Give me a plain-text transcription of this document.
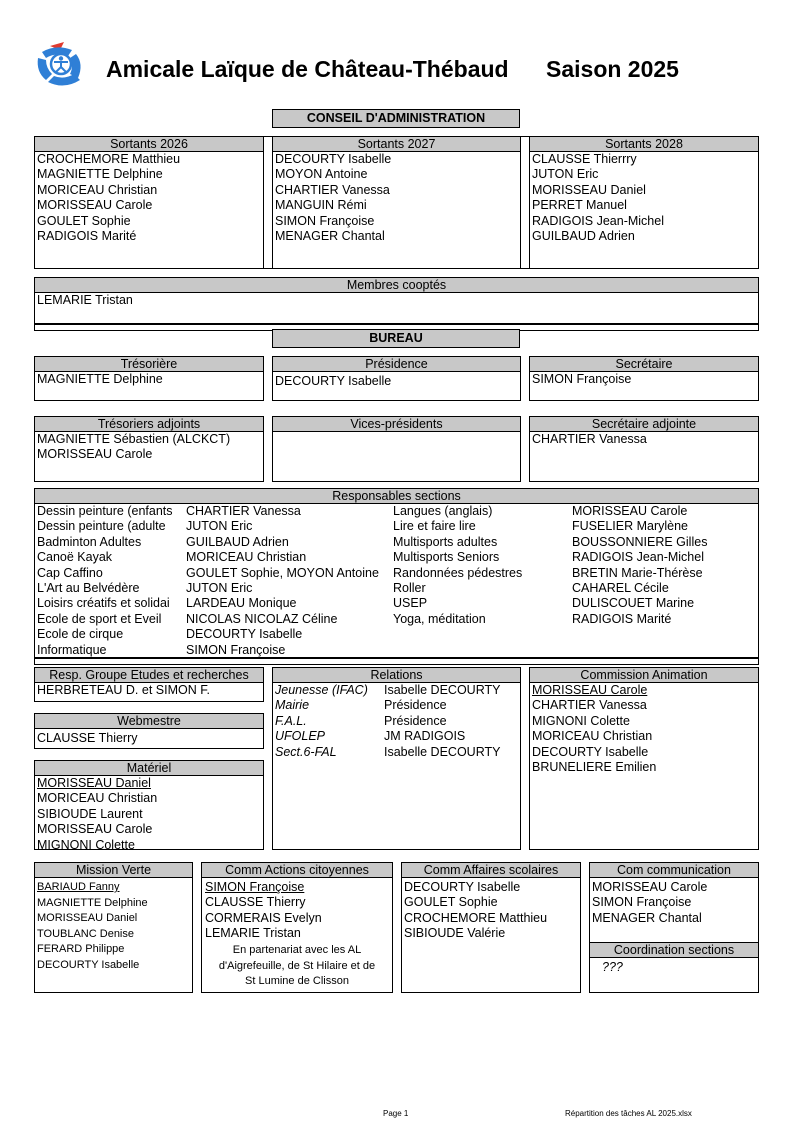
Amicale Laïque de Château-Thébaud Saison 2025
CONSEIL D'ADMINISTRATION
Sortants 2026
CROCHEMORE Matthieu
MAGNIETTE Delphine
MORICEAU Christian
MORISSEAU Carole
GOULET Sophie
RADIGOIS Marité
Sortants 2027
DECOURTY Isabelle
MOYON Antoine
CHARTIER Vanessa
MANGUIN Rémi
SIMON Françoise
MENAGER Chantal
Sortants 2028
CLAUSSE Thierrry
JUTON Eric
MORISSEAU Daniel
PERRET Manuel
RADIGOIS Jean-Michel
GUILBAUD Adrien
Membres cooptés
LEMARIE Tristan
BUREAU
Trésorière
MAGNIETTE Delphine
Présidence
DECOURTY Isabelle
Secrétaire
SIMON Françoise
Trésoriers adjoints
MAGNIETTE Sébastien (ALCKCT)
MORISSEAU Carole
Vices-présidents	Secrétaire adjointe
CHARTIER Vanessa
Responsables sections
Dessin peinture (enfants
Dessin peinture (adulte
Badminton Adultes
Canoë Kayak
Cap Caffino
L'Art au Belvédère
Loisirs créatifs et solidai
Ecole de sport et Eveil
Ecole de cirque
Informatique
CHARTIER Vanessa
JUTON Eric
GUILBAUD Adrien
MORICEAU Christian
GOULET Sophie, MOYON Antoine
JUTON Eric
LARDEAU Monique
NICOLAS NICOLAZ Céline
DECOURTY Isabelle
SIMON Françoise
Langues (anglais)
Lire et faire lire
Multisports adultes
Multisports Seniors
Randonnées pédestres
Roller
USEP
Yoga, méditation
MORISSEAU Carole
FUSELIER Marylène
BOUSSONNIERE Gilles
RADIGOIS Jean-Michel
BRETIN Marie-Thérèse
CAHAREL Cécile
DULISCOUET Marine
RADIGOIS Marité
Resp. Groupe Etudes et recherches
HERBRETEAU D. et SIMON F.
Webmestre
CLAUSSE Thierry
Matériel
MORISSEAU Daniel
MORICEAU Christian
SIBIOUDE Laurent
MORISSEAU Carole
MIGNONI Colette
Relations
Jeunesse (IFAC)
Mairie
F.A.L.
UFOLEP
Sect.6-FAL
Isabelle DECOURTY
Présidence
Présidence
JM RADIGOIS
Isabelle DECOURTY
Commission Animation
MORISSEAU Carole
CHARTIER Vanessa
MIGNONI Colette
MORICEAU Christian
DECOURTY Isabelle
BRUNELIERE Emilien
Mission Verte
BARIAUD Fanny
MAGNIETTE Delphine
MORISSEAU Daniel
TOUBLANC Denise
FERARD Philippe
DECOURTY Isabelle
Comm Actions citoyennes
SIMON Françoise
CLAUSSE Thierry
CORMERAIS Evelyn
LEMARIE Tristan
En partenariat avec les AL
d'Aigrefeuille, de St Hilaire et de
St Lumine de Clisson
Comm Affaires scolaires
DECOURTY Isabelle
GOULET Sophie
CROCHEMORE Matthieu
SIBIOUDE Valérie
Com communication
MORISSEAU Carole
SIMON Françoise
MENAGER Chantal
Coordination sections
???
Page 1	Répartition des tâches AL 2025.xlsx
